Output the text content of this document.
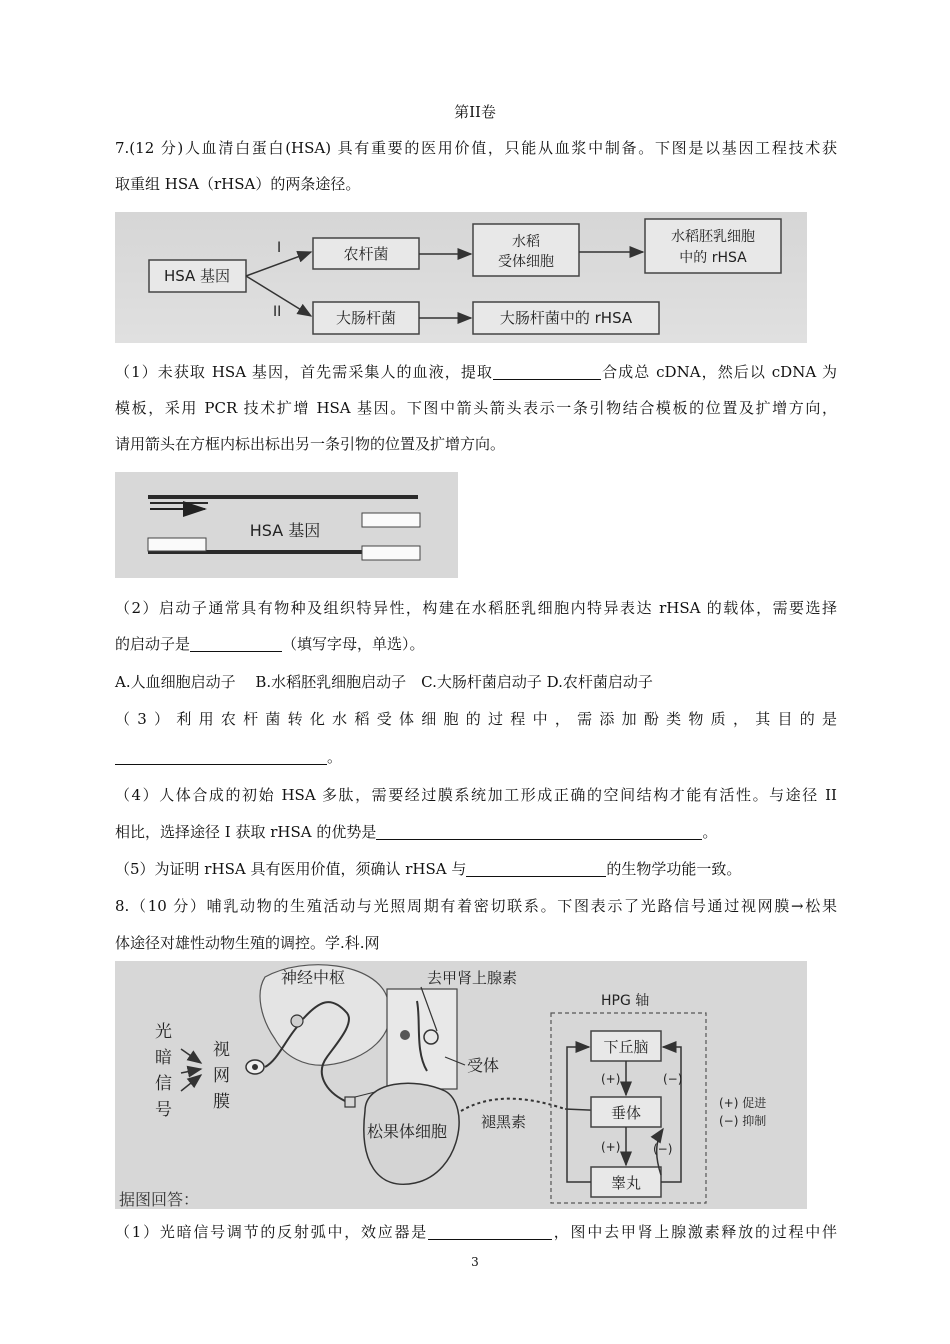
第II卷
7.(12 分)人血清白蛋白(HSA) 具有重要的医用价值，只能从血浆中制备。下图是以基因工程技术获
取重组 HSA（rHSA）的两条途径。
HSA 基因
I
II
农杆菌
水稻
受体细胞
水稻胚乳细胞
中的 rHSA
大肠杆菌	大肠杆菌中的 rHSA
（1）未获取 HSA 基因，首先需采集人的血液，提取	合成总 cDNA，然后以 cDNA 为
模板，采用 PCR 技术扩增 HSA 基因。下图中箭头箭头表示一条引物结合模板的位置及扩增方向，
请用箭头在方框内标出标出另一条引物的位置及扩增方向。
HSA 基因
（2）启动子通常具有物种及组织特异性，构建在水稻胚乳细胞内特异表达 rHSA 的载体，需要选择
的启动子是	（填写字母，单选）。
A.人血细胞启动子　 B.水稻胚乳细胞启动子　C.大肠杆菌启动子 D.农杆菌启动子
（3）利用农杆菌转化水稻受体细胞的过程中，需添加酚类物质，其目的是
。
（4）人体合成的初始 HSA 多肽，需要经过膜系统加工形成正确的空间结构才能有活性。与途径 II
相比，选择途径 I 获取 rHSA 的优势是	。
（5）为证明 rHSA 具有医用价值，须确认 rHSA 与	的生物学功能一致。
8.（10 分）哺乳动物的生殖活动与光照周期有着密切联系。下图表示了光路信号通过视网膜→松果
体途径对雄性动物生殖的调控。学.科.网
光
暗
信
号
视
网
膜
神经中枢	去甲肾上腺素
受体
松果体细胞 褪黑素
HPG 轴
下丘脑
垂体
睾丸
(+)
(+)
(−)
(−)
(+) 促进
(−) 抑制
据图回答：
（1）光暗信号调节的反射弧中，效应器是	，图中去甲肾上腺激素释放的过程中伴
3
